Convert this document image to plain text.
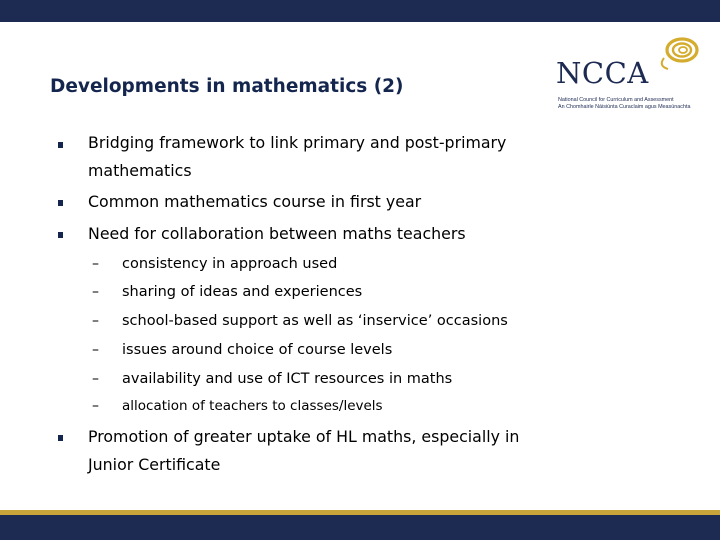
Developments in mathematics (2)	NCCA
National Council for Curriculum and Assessment
An Chomhairle Náisiúnta Curaclaim agus Measúnachta
Bridging framework to link primary and post-primary
mathematics
Common mathematics course in first year
Need for collaboration between maths teachers
– consistency in approach used
– sharing of ideas and experiences
– school-based support as well as ‘inservice’ occasions
– issues around choice of course levels
– availability and use of ICT resources in maths
– allocation of teachers to classes/levels
Promotion of greater uptake of HL maths, especially in
Junior Certificate
